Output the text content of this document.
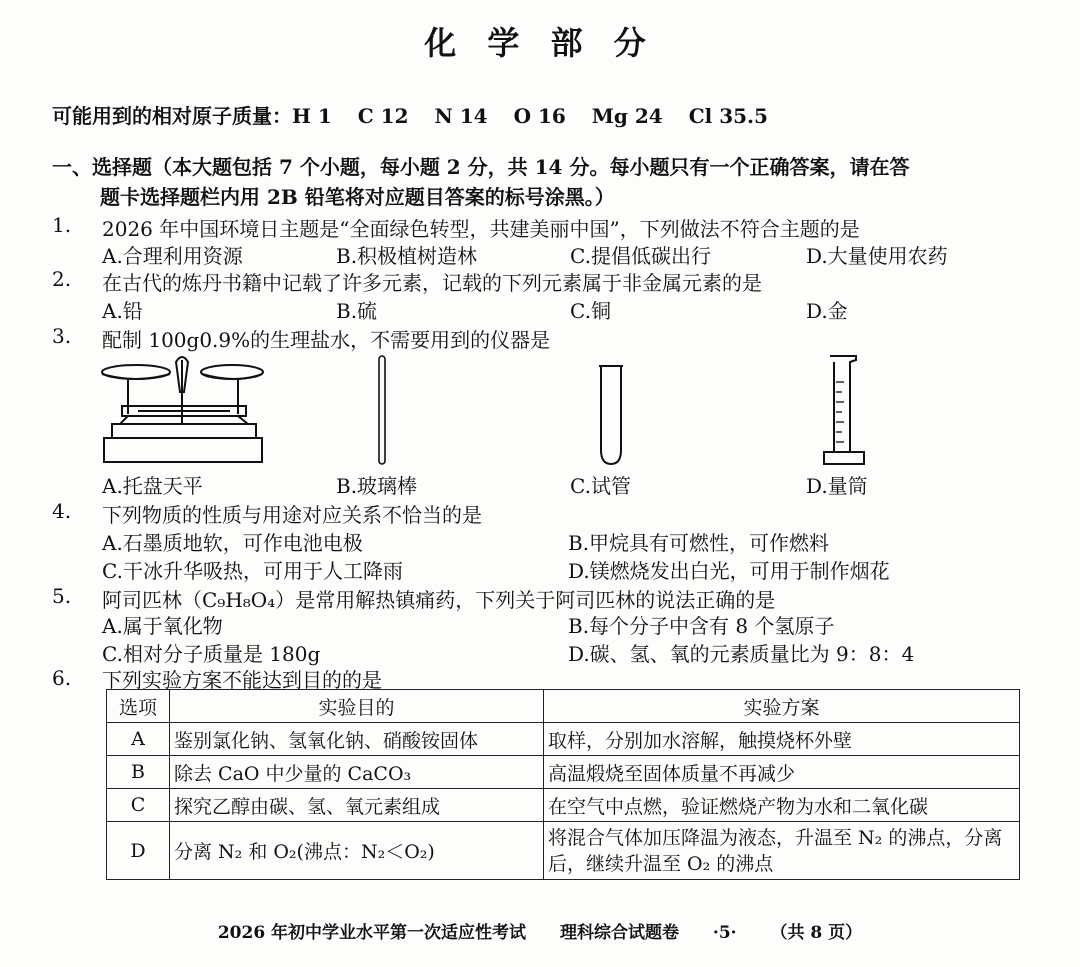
化 学 部 分
可能用到的相对原子质量：H 1 C 12 N 14 O 16 Mg 24 Cl 35.5
一、选择题（本大题包括 7 个小题，每小题 2 分，共 14 分。每小题只有一个正确答案，请在答
题卡选择题栏内用 2B 铅笔将对应题目答案的标号涂黑。）
1. 2026 年中国环境日主题是“全面绿色转型，共建美丽中国”，下列做法不符合主题的是
A.合理利用资源	B.积极植树造林	C.提倡低碳出行	D.大量使用农药
2. 在古代的炼丹书籍中记载了许多元素，记载的下列元素属于非金属元素的是
A.铅	B.硫	C.铜	D.金
3. 配制 100g0.9%的生理盐水，不需要用到的仪器是
A.托盘天平	B.玻璃棒	C.试管	D.量筒
4. 下列物质的性质与用途对应关系不恰当的是
A.石墨质地软，可作电池电极	B.甲烷具有可燃性，可作燃料
C.干冰升华吸热，可用于人工降雨	D.镁燃烧发出白光，可用于制作烟花
5. 阿司匹林（C₉H₈O₄）是常用解热镇痛药，下列关于阿司匹林的说法正确的是
A.属于氧化物	B.每个分子中含有 8 个氢原子
C.相对分子质量是 180g	D.碳、氢、氧的元素质量比为 9：8：4
6. 下列实验方案不能达到目的的是
选项	实验目的	实验方案
A	鉴别氯化钠、氢氧化钠、硝酸铵固体	取样，分别加水溶解，触摸烧杯外壁
B	除去 CaO 中少量的 CaCO₃	高温煅烧至固体质量不再减少
C	探究乙醇由碳、氢、氧元素组成	在空气中点燃，验证燃烧产物为水和二氧化碳
D	分离 N₂ 和 O₂(沸点：N₂＜O₂)	将混合气体加压降温为液态，升温至 N₂ 的沸点，分离后，继续升温至 O₂ 的沸点
2026 年初中学业水平第一次适应性考试 理科综合试题卷 ·5· （共 8 页）
